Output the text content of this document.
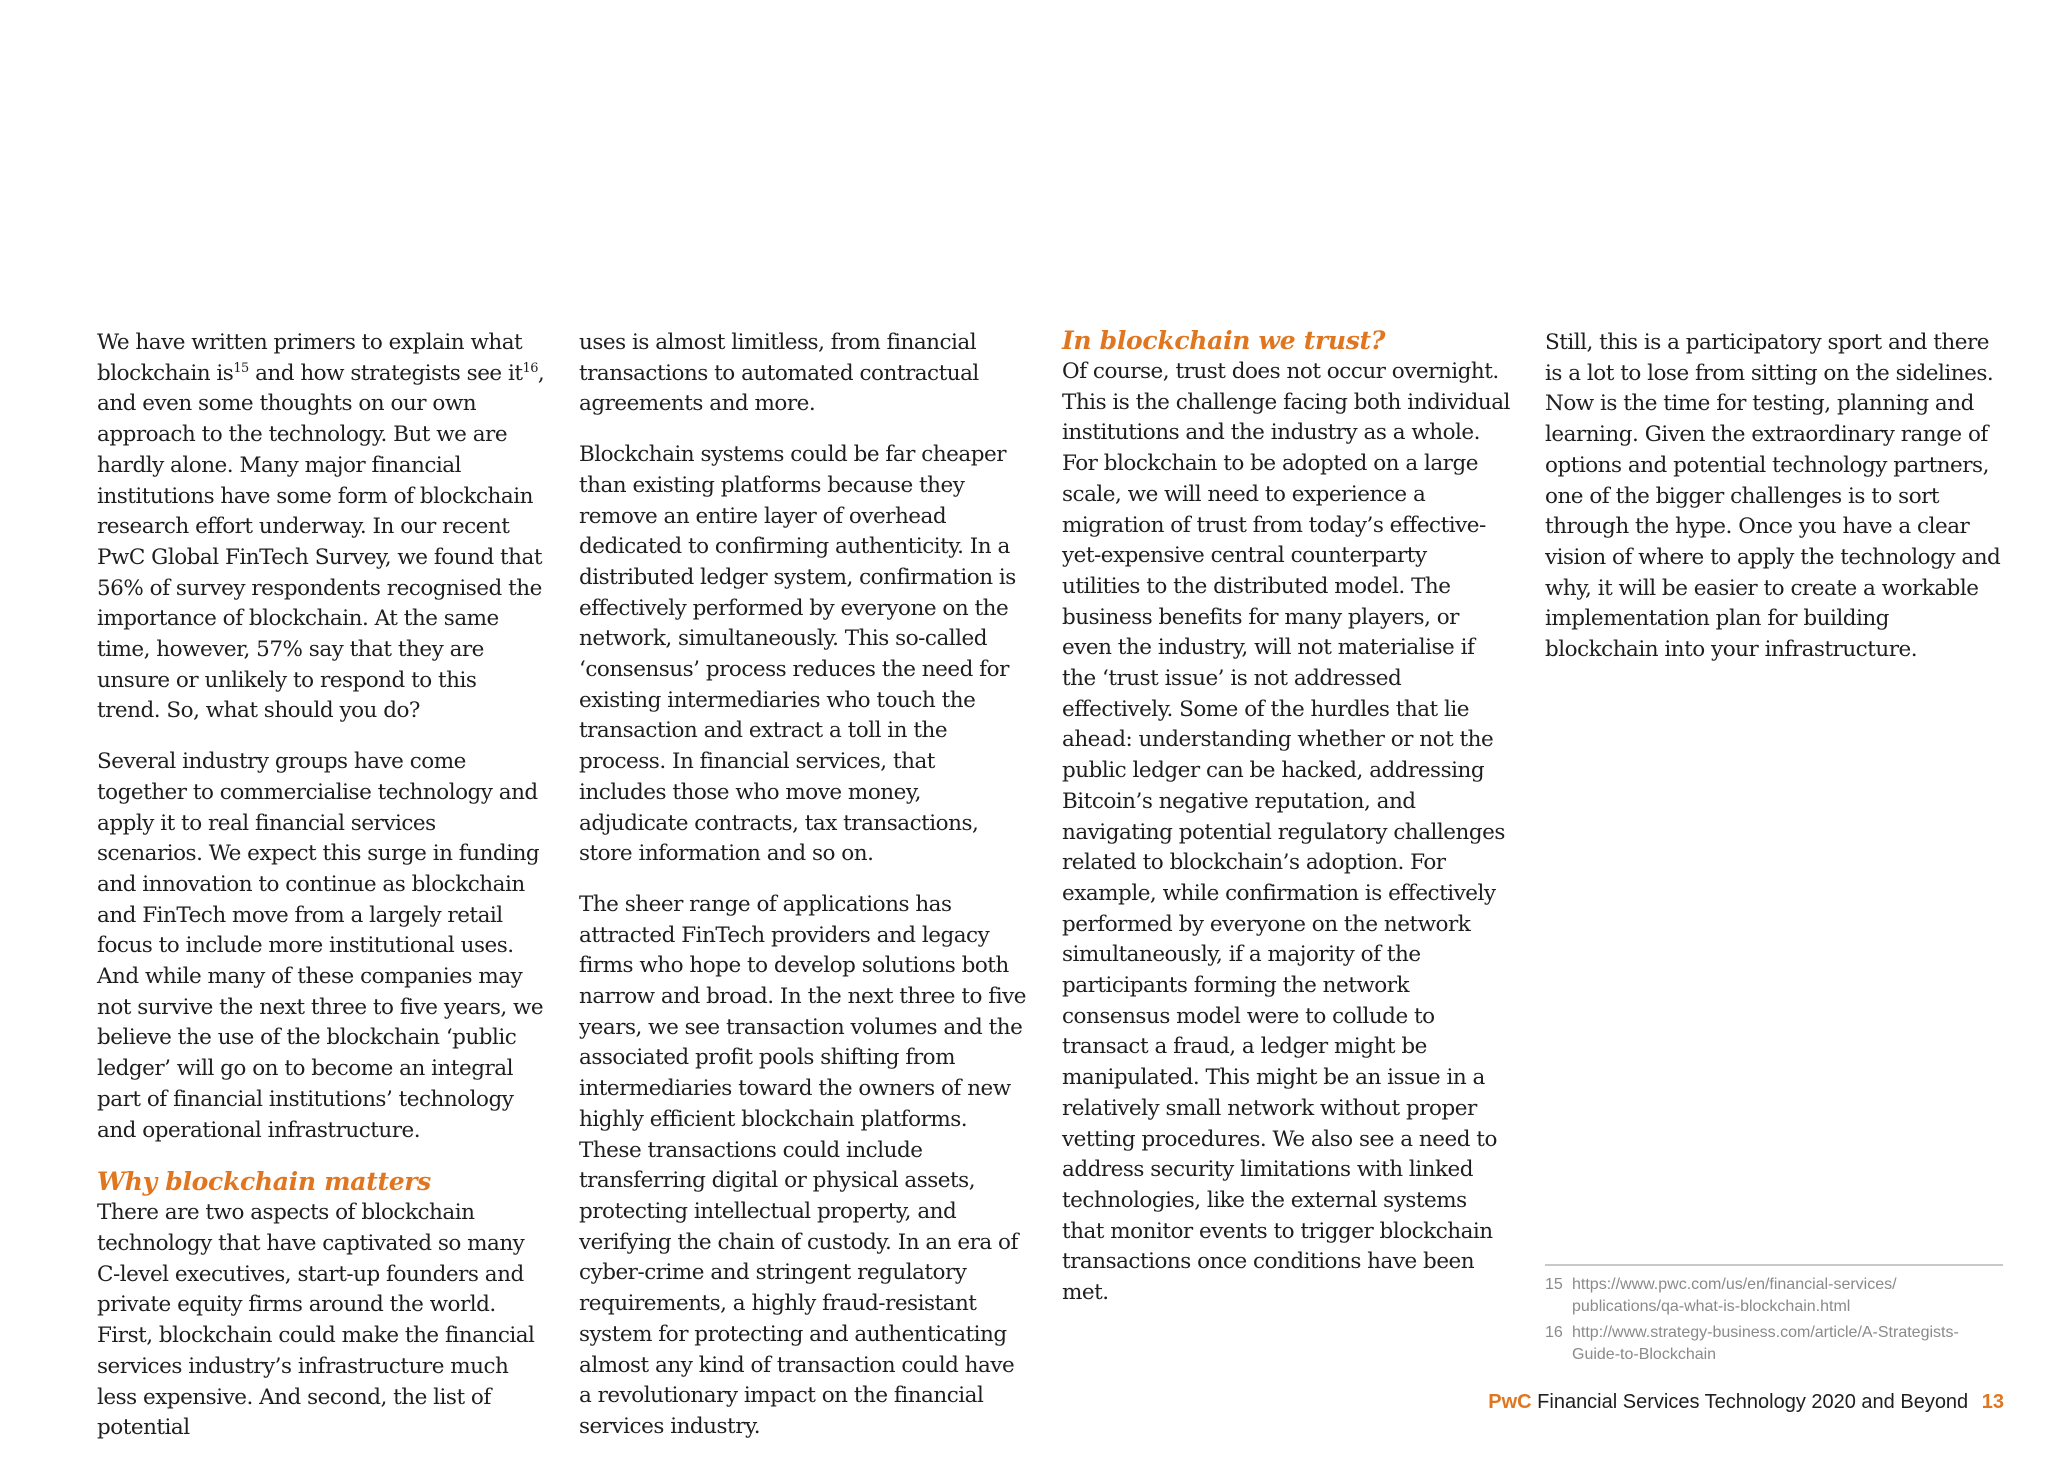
We have written primers to explain what blockchain $is^{15}$ and how strategists see $it^{16}$, and even some thoughts on our own approach to the technology. But we are hardly alone. Many major financial institutions have some form of blockchain research effort underway. In our recent PwC Global FinTech Survey, we found that 56% of survey respondents recognised the importance of blockchain. At the same time, however, 57% say that they are unsure or unlikely to respond to this trend. So, what should you do?

Several industry groups have come together to commercialise technology and apply it to real financial services scenarios. We expect this surge in funding and innovation to continue as blockchain and FinTech move from a largely retail focus to include more institutional uses. And while many of these companies may not survive the next three to five years, we believe the use of the blockchain ‘public ledger’ will go on to become an integral part of financial institutions’ technology and operational infrastructure.

Why blockchain matters

There are two aspects of blockchain technology that have captivated so many C-level executives, start-up founders and private equity firms around the world. First, blockchain could make the financial services industry’s infrastructure much less expensive. And second, the list of potential

uses is almost limitless, from financial transactions to automated contractual agreements and more.

Blockchain systems could be far cheaper than existing platforms because they remove an entire layer of overhead dedicated to confirming authenticity. In a distributed ledger system, confirmation is effectively performed by everyone on the network, simultaneously. This so-called ‘consensus’ process reduces the need for existing intermediaries who touch the transaction and extract a toll in the process. In financial services, that includes those who move money, adjudicate contracts, tax transactions, store information and so on.

The sheer range of applications has attracted FinTech providers and legacy firms who hope to develop solutions both narrow and broad. In the next three to five years, we see transaction volumes and the associated profit pools shifting from intermediaries toward the owners of new highly efficient blockchain platforms. These transactions could include transferring digital or physical assets, protecting intellectual property, and verifying the chain of custody. In an era of cyber-crime and stringent regulatory requirements, a highly fraud-resistant system for protecting and authenticating almost any kind of transaction could have a revolutionary impact on the financial services industry.

In blockchain we trust?

Of course, trust does not occur overnight. This is the challenge facing both individual institutions and the industry as a whole. For blockchain to be adopted on a large scale, we will need to experience a migration of trust from today’s effective-yet-expensive central counterparty utilities to the distributed model. The business benefits for many players, or even the industry, will not materialise if the ‘trust issue’ is not addressed effectively. Some of the hurdles that lie ahead: understanding whether or not the public ledger can be hacked, addressing Bitcoin’s negative reputation, and navigating potential regulatory challenges related to blockchain’s adoption. For example, while confirmation is effectively performed by everyone on the network simultaneously, if a majority of the participants forming the network consensus model were to collude to transact a fraud, a ledger might be manipulated. This might be an issue in a relatively small network without proper vetting procedures. We also see a need to address security limitations with linked technologies, like the external systems that monitor events to trigger blockchain transactions once conditions have been met.

Still, this is a participatory sport and there is a lot to lose from sitting on the sidelines. Now is the time for testing, planning and learning. Given the extraordinary range of options and potential technology partners, one of the bigger challenges is to sort through the hype. Once you have a clear vision of where to apply the technology and why, it will be easier to create a workable implementation plan for building blockchain into your infrastructure.

15 https://www.pwc.com/us/en/financial-services/ publications/qa-what-is-blockchain.html
16 http://www.strategy-business.com/article/A-Strategists-Guide-to-Blockchain
PwC Financial Services Technology 2020 and Beyond 13
